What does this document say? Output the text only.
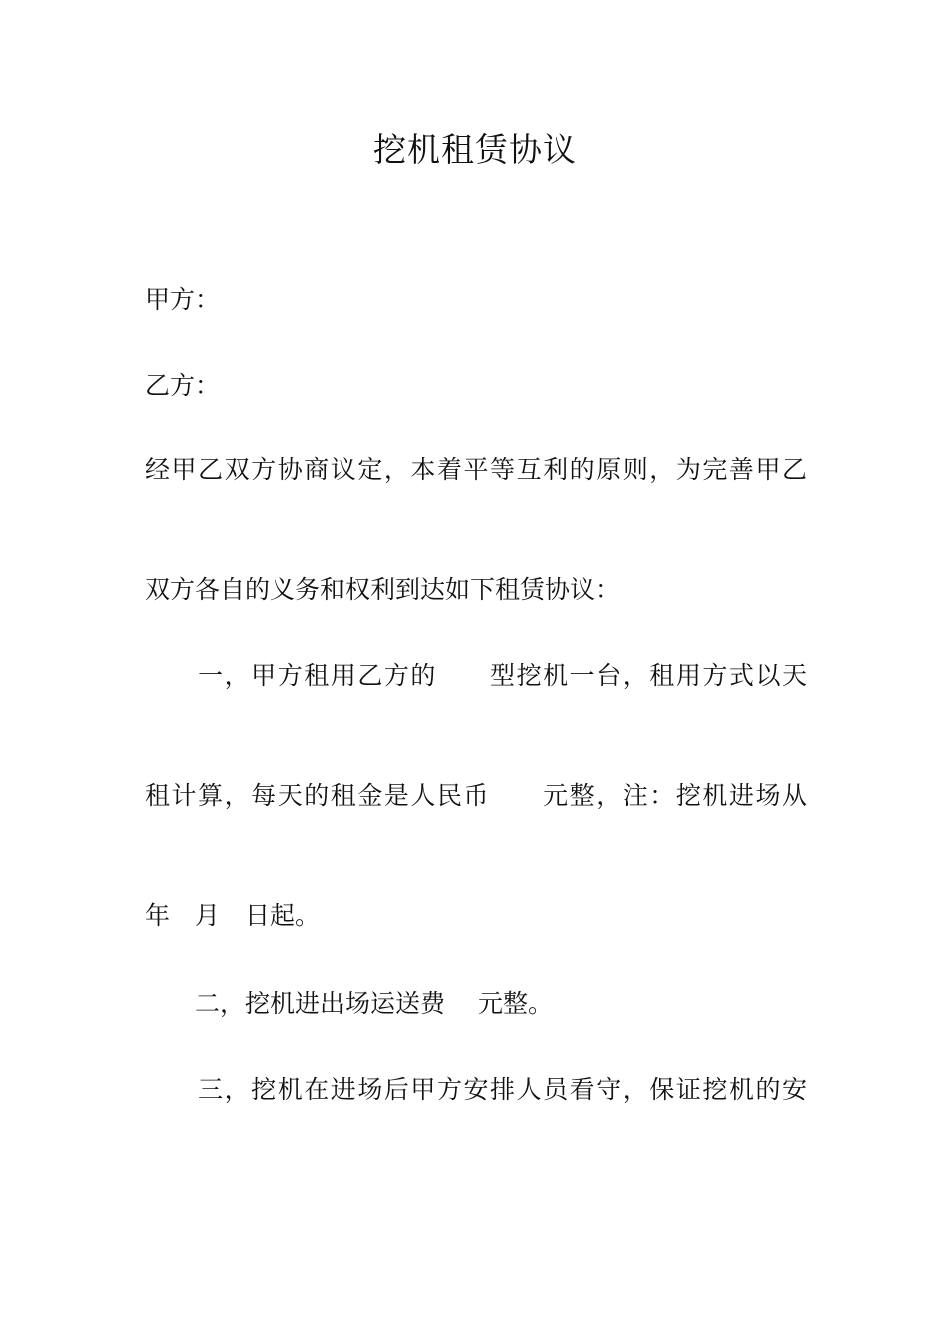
挖机租赁协议
甲方：
乙方：
经甲乙双方协商议定，本着平等互利的原则，为完善甲乙
双方各自的义务和权利到达如下租赁协议：
　　一，甲方租用乙方的　　型挖机一台，租用方式以天
租计算，每天的租金是人民币　　元整，注：挖机进场从
年　月　日起。
　　二，挖机进出场运送费　 元整。
　　三，挖机在进场后甲方安排人员看守，保证挖机的安
